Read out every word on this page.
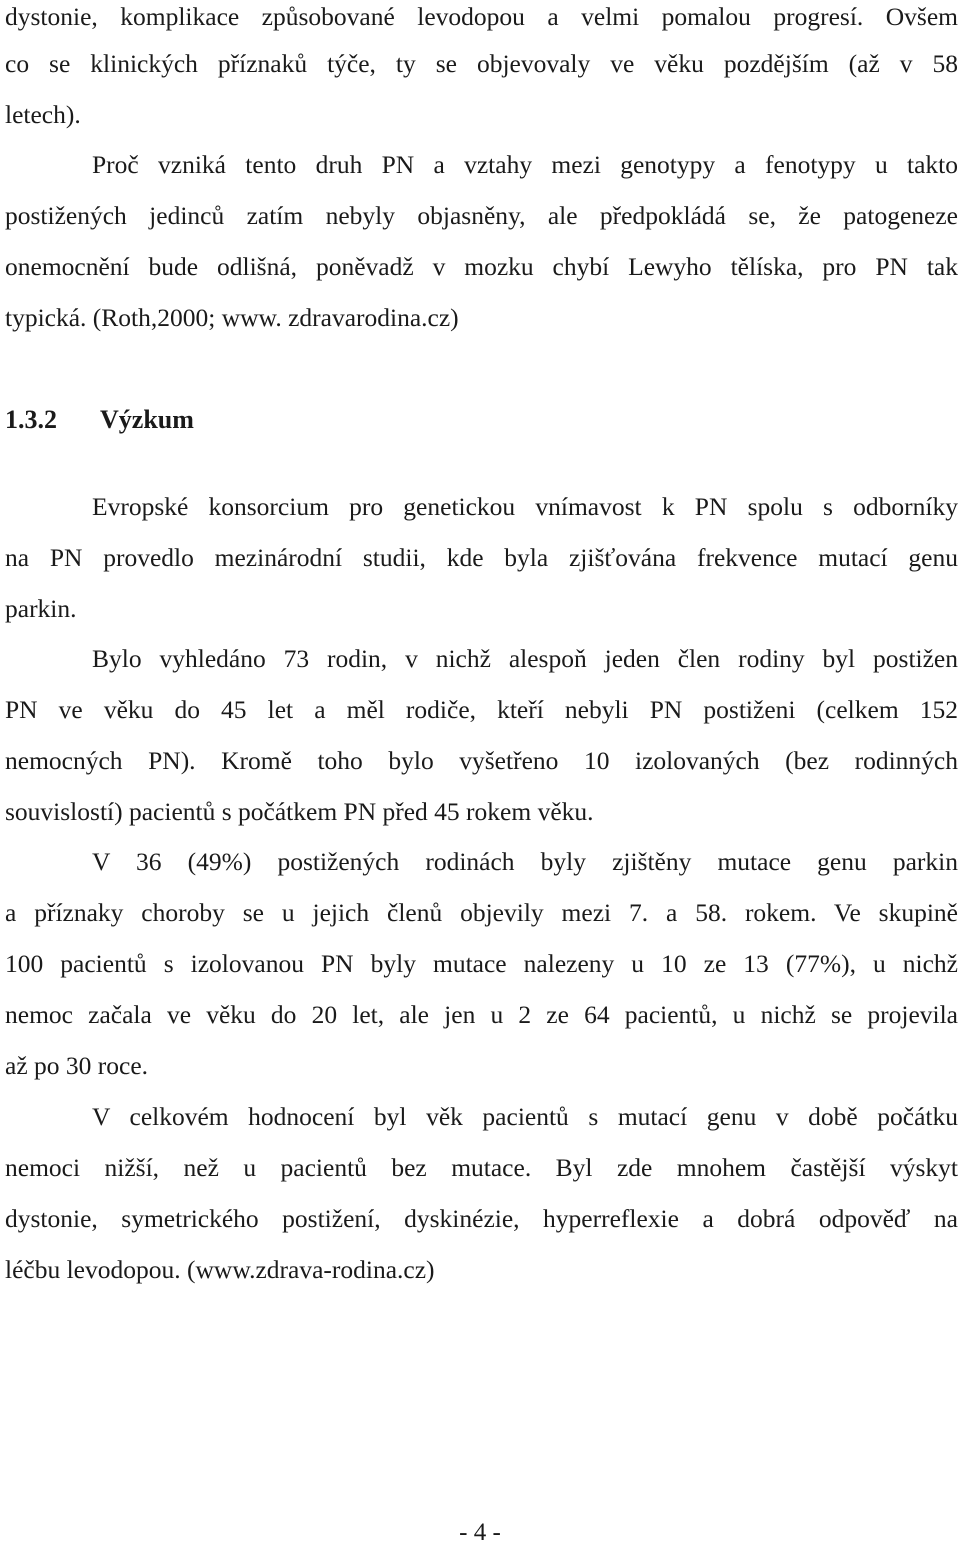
dystonie, komplikace způsobované levodopou a velmi pomalou progresí. Ovšem
co se klinických příznaků týče, ty se objevovaly ve věku pozdějším (až v 58
letech).
Proč vzniká tento druh PN a vztahy mezi genotypy a fenotypy u takto
postižených jedinců zatím nebyly objasněny, ale předpokládá se, že patogeneze
onemocnění bude odlišná, poněvadž v mozku chybí Lewyho tělíska, pro PN tak
typická. (Roth,2000; www. zdravarodina.cz)
1.3.2 Výzkum
Evropské konsorcium pro genetickou vnímavost k PN spolu s odborníky
na PN provedlo mezinárodní studii, kde byla zjišťována frekvence mutací genu
parkin.
Bylo vyhledáno 73 rodin, v nichž alespoň jeden člen rodiny byl postižen
PN ve věku do 45 let a měl rodiče, kteří nebyli PN postiženi (celkem 152
nemocných PN). Kromě toho bylo vyšetřeno 10 izolovaných (bez rodinných
souvislostí) pacientů s počátkem PN před 45 rokem věku.
V 36 (49%) postižených rodinách byly zjištěny mutace genu parkin
a příznaky choroby se u jejich členů objevily mezi 7. a 58. rokem. Ve skupině
100 pacientů s izolovanou PN byly mutace nalezeny u 10 ze 13 (77%), u nichž
nemoc začala ve věku do 20 let, ale jen u 2 ze 64 pacientů, u nichž se projevila
až po 30 roce.
V celkovém hodnocení byl věk pacientů s mutací genu v době počátku
nemoci nižší, než u pacientů bez mutace. Byl zde mnohem častější výskyt
dystonie, symetrického postižení, dyskinézie, hyperreflexie a dobrá odpověď na
léčbu levodopou. (www.zdrava-rodina.cz)
- 4 -
